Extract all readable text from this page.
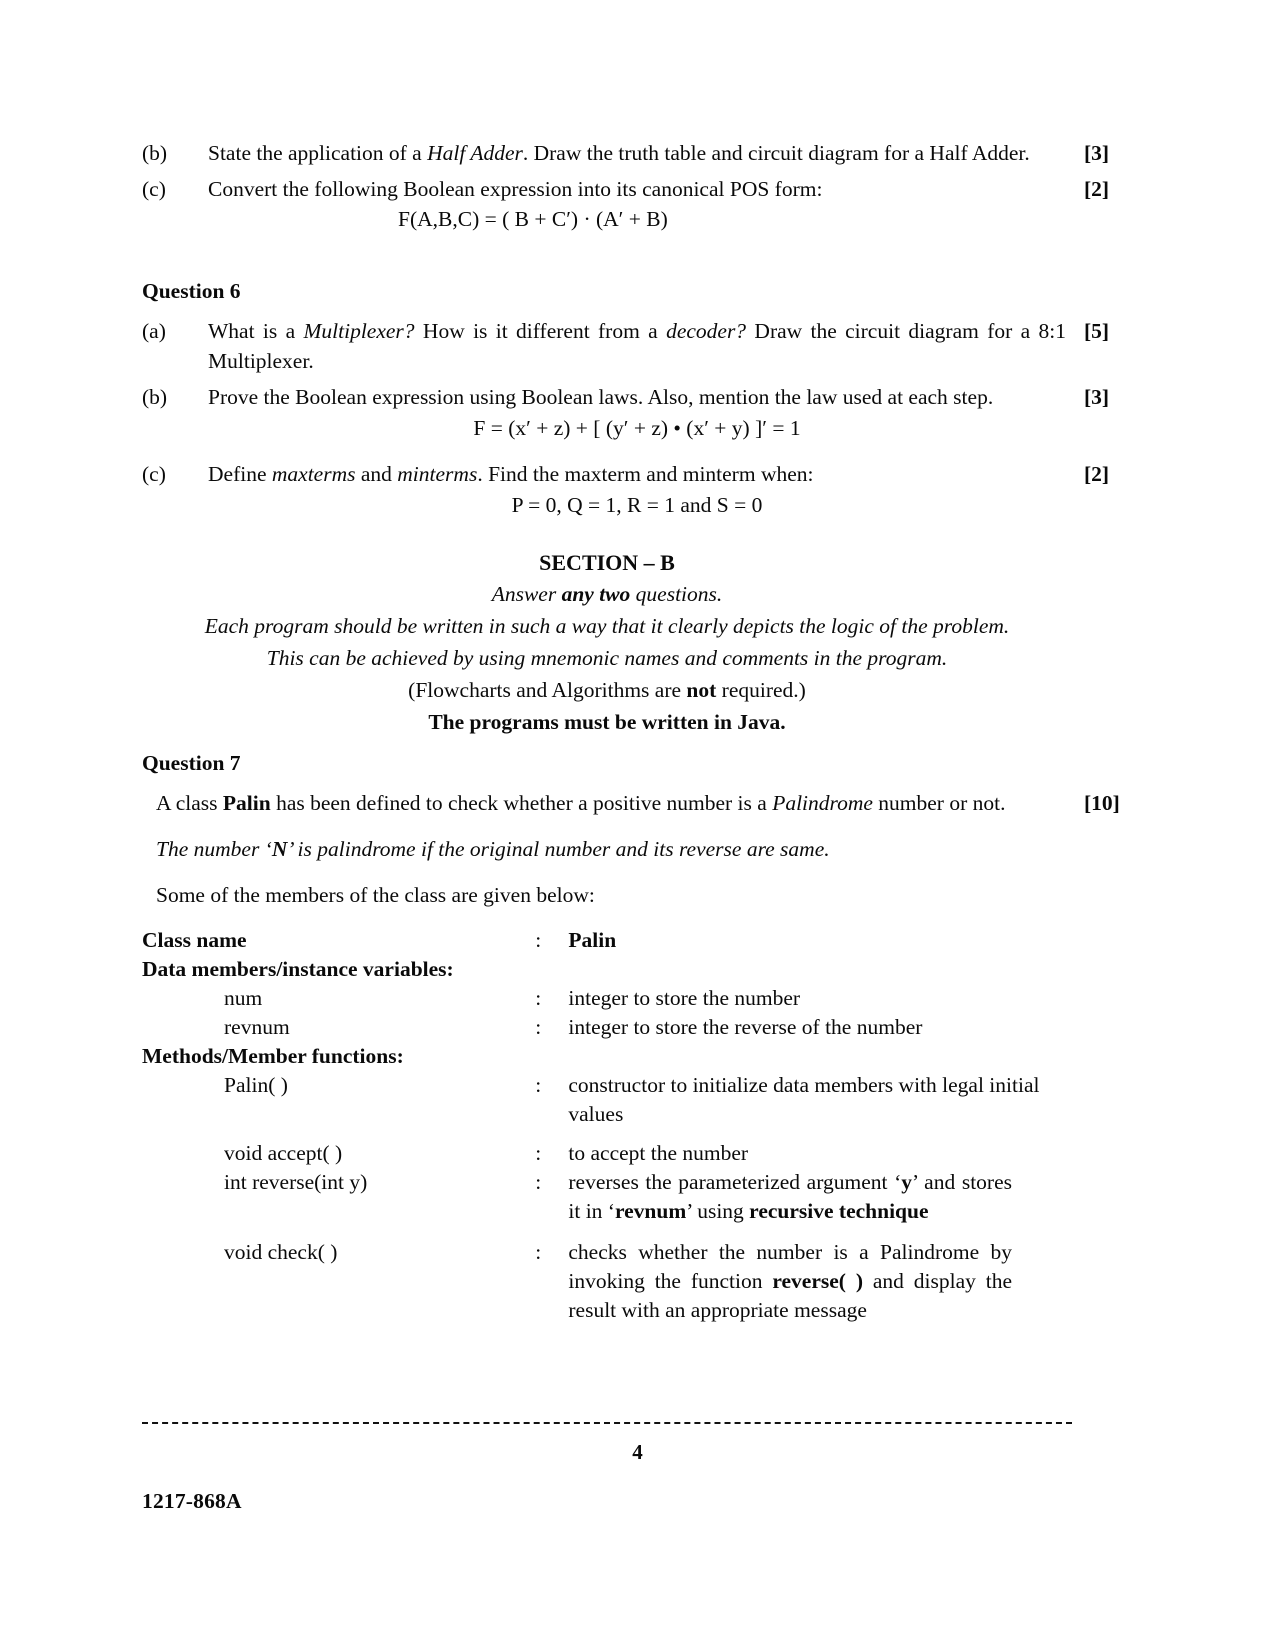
(b)	State the application of a Half Adder. Draw the truth table and circuit diagram for a Half Adder.	[3]
(c)	Convert the following Boolean expression into its canonical POS form:
F(A,B,C) = ( B + C′) · (A′ + B)
[2]
Question 6
(a)	What is a Multiplexer? How is it different from a decoder? Draw the circuit diagram for a 8:1 Multiplexer.
[5]
(b)	Prove the Boolean expression using Boolean laws. Also, mention the law used at each step.
F = (x′ + z) + [ (y′ + z) • (x′ + y) ]′ = 1
[3]
(c)	Define maxterms and minterms. Find the maxterm and minterm when:
P = 0, Q = 1, R = 1 and S = 0
[2]
SECTION – B
Answer any two questions.
Each program should be written in such a way that it clearly depicts the logic of the problem.
This can be achieved by using mnemonic names and comments in the program.
(Flowcharts and Algorithms are not required.)
The programs must be written in Java.
Question 7
A class Palin has been defined to check whether a positive number is a Palindrome number or not.	[10]
The number ‘N’ is palindrome if the original number and its reverse are same.
Some of the members of the class are given below:
Class name	:	Palin
Data members/instance variables:		
num	:	integer to store the number
revnum	:	integer to store the reverse of the number
Methods/Member functions:		
Palin( )	:	constructor to initialize data members with legal initial values

void accept( )	:	to accept the number
int reverse(int y)	:	reverses the parameterized argument ‘y’ and stores it in ‘revnum’ using recursive technique

void check( )	:	checks whether the number is a Palindrome by invoking the function reverse( ) and display the result with an appropriate message
4
1217-868A
